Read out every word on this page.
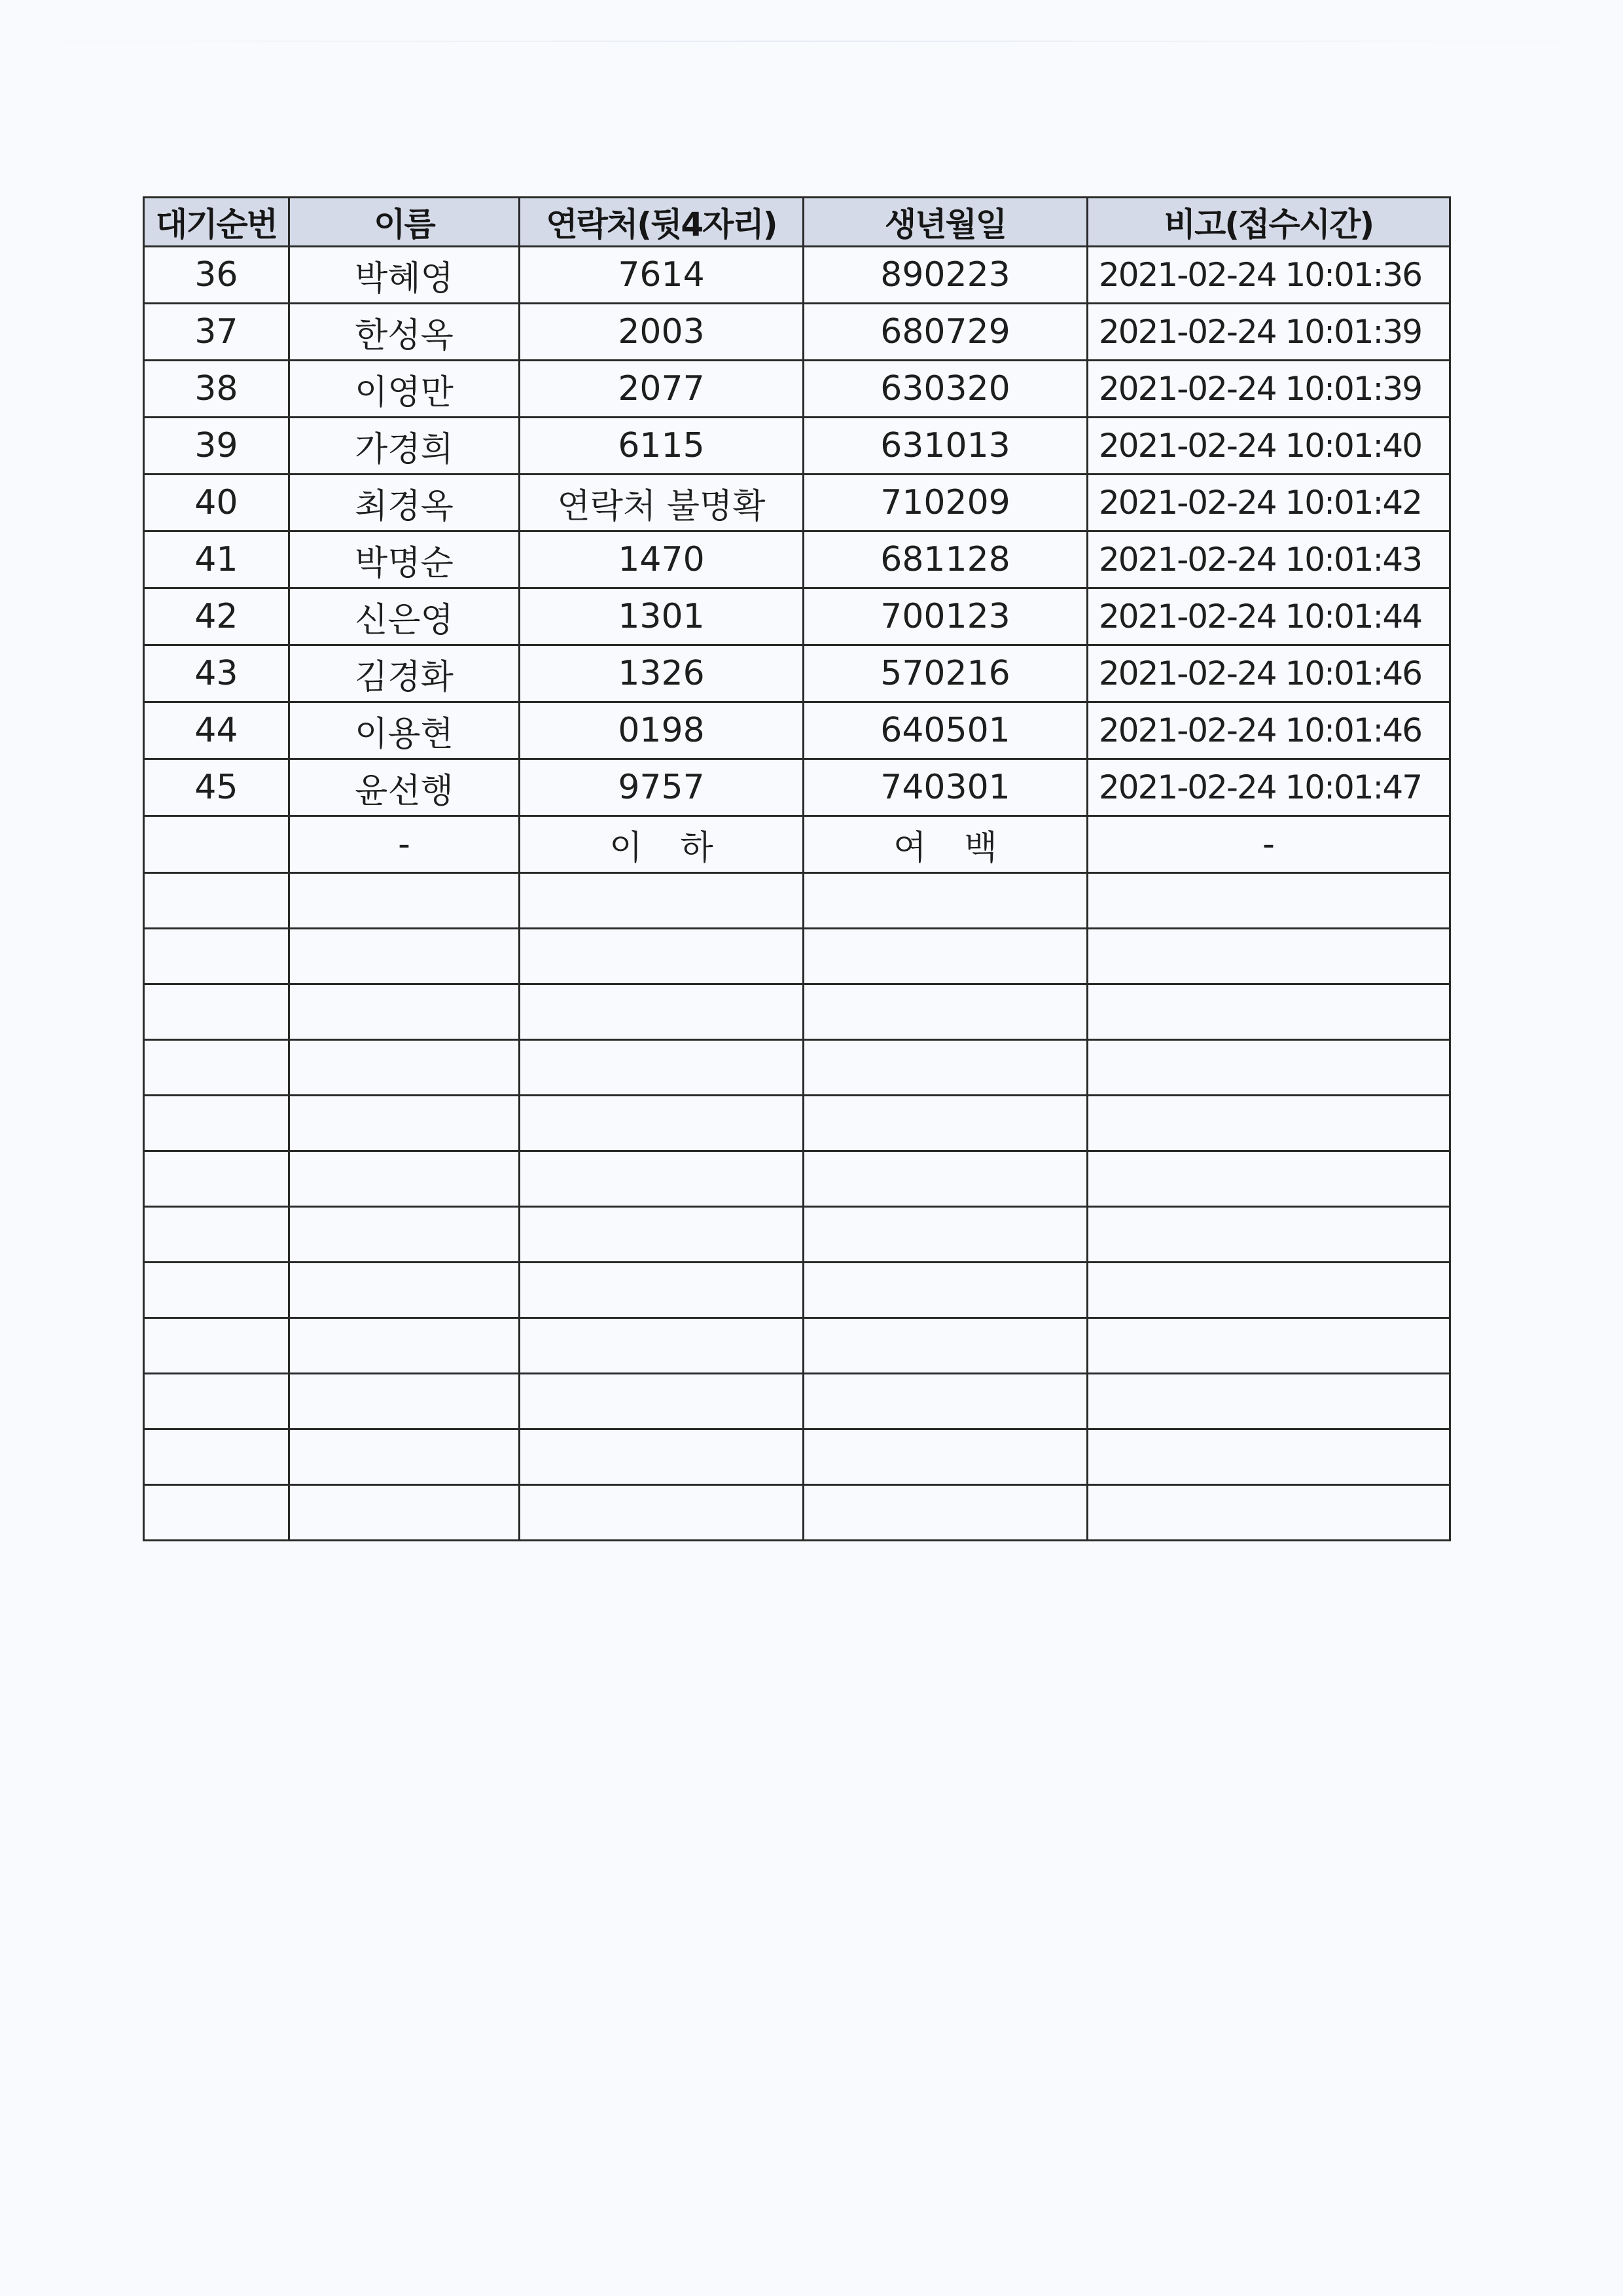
대기순번	이름	연락처(뒷4자리)	생년월일	비고(접수시간)
36	박혜영	7614	890223	2021-02-24 10:01:36
37	한성옥	2003	680729	2021-02-24 10:01:39
38	이영만	2077	630320	2021-02-24 10:01:39
39	가경희	6115	631013	2021-02-24 10:01:40
40	최경옥	연락처 불명확	710209	2021-02-24 10:01:42
41	박명순	1470	681128	2021-02-24 10:01:43
42	신은영	1301	700123	2021-02-24 10:01:44
43	김경화	1326	570216	2021-02-24 10:01:46
44	이용현	0198	640501	2021-02-24 10:01:46
45	윤선행	9757	740301	2021-02-24 10:01:47
	-	이하	여백	-
